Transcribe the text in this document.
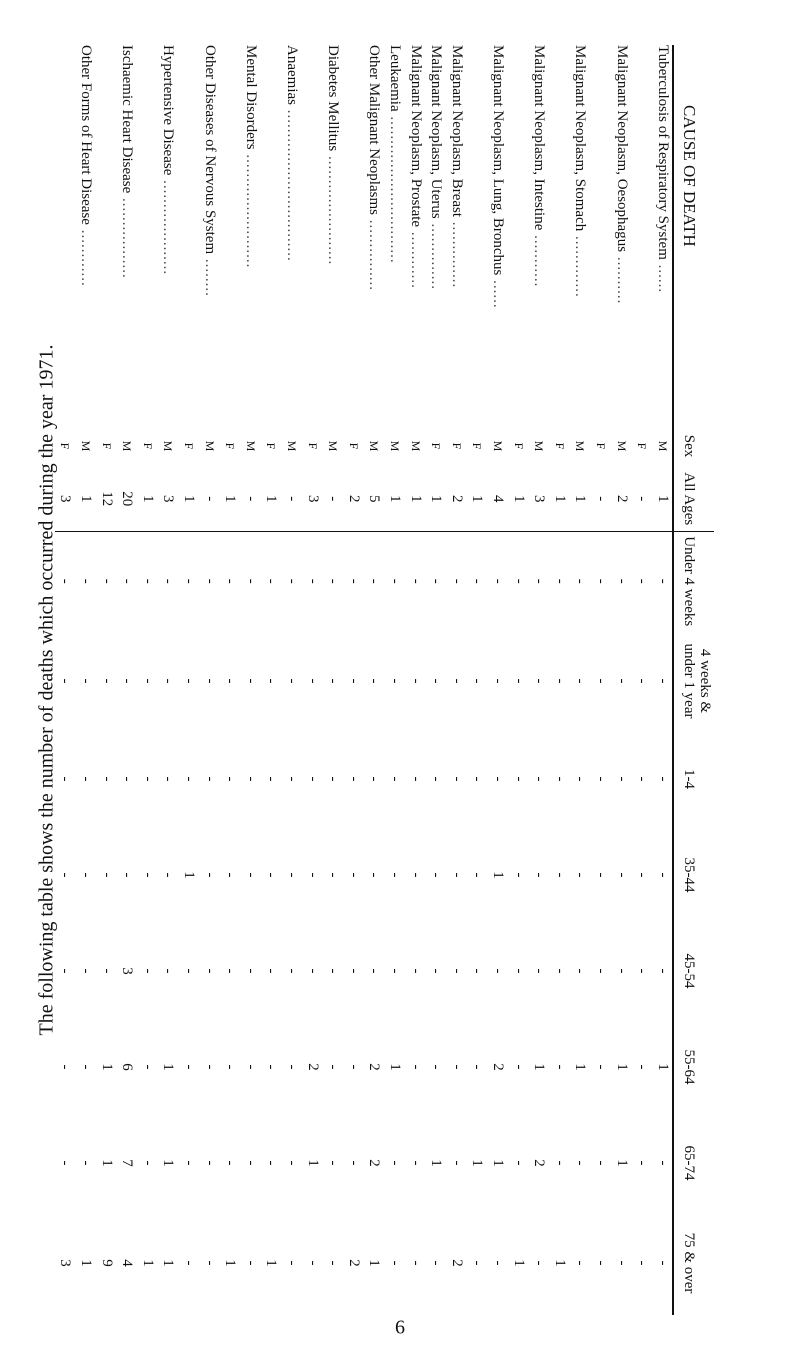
The following table shows the number of deaths which occurred during the year 1971.
CAUSE OF DEATH	Sex	All Ages	Under 4 weeks	4 weeks & under 1 year	1-4	35-44	45-54	55-64	65-74	75 & over
Tuberculosis of Respiratory System ......	M	1	-	-	-	-	-	1	-	-
	F	-	-	-	-	-	-	-	-	-
Malignant Neoplasm, Oesophagus ..........	M	2	-	-	-	-	-	1	1	-
	F	-	-	-	-	-	-	-	-	-
Malignant Neoplasm, Stomach .............	M	1	-	-	-	-	-	1	-	-
	F	1	-	-	-	-	-	-	-	1
Malignant Neoplasm, Intestine ...........	M	3	-	-	-	-	-	1	2	-
	F	1	-	-	-	-	-	-	-	1
Malignant Neoplasm, Lung, Bronchus ......	M	4	-	-	-	1	-	2	1	-
	F	1	-	-	-	-	-	-	1	-
Malignant Neoplasm, Breast ..............	F	2	-	-	-	-	-	-	-	2
Malignant Neoplasm, Uterus ..............	F	1	-	-	-	-	-	-	1	-
Malignant Neoplasm, Prostate ............	M	1	-	-	-	-	-	-	-	-
Leukaemia ...............................	M	1	-	-	-	-	-	1	-	-
Other Malignant Neoplasms ...............	M	5	-	-	-	-	-	2	2	1
	F	2	-	-	-	-	-	-	-	2
Diabetes Mellitus .......................	M	-	-	-	-	-	-	-	-	-
	F	3	-	-	-	-	-	2	1	-
Anaemias ................................	M	-	-	-	-	-	-	-	-	-
	F	1	-	-	-	-	-	-	-	1
Mental Disorders ........................	M	-	-	-	-	-	-	-	-	-
	F	1	-	-	-	-	-	-	-	1
Other Diseases of Nervous System ........	M	-	-	-	-	-	-	-	-	-
	F	1	-	-	-	1	-	-	-	-
Hypertensive Disease ....................	M	3	-	-	-	-	-	1	1	1
	F	1	-	-	-	-	-	-	-	1
Ischaemic Heart Disease .................	M	20	-	-	-	-	3	6	7	4
	F	12	-	-	-	-	-	1	1	9
Other Forms of Heart Disease ............	M	1	-	-	-	-	-	-	-	1
	F	3	-	-	-	-	-	-	-	3
6
